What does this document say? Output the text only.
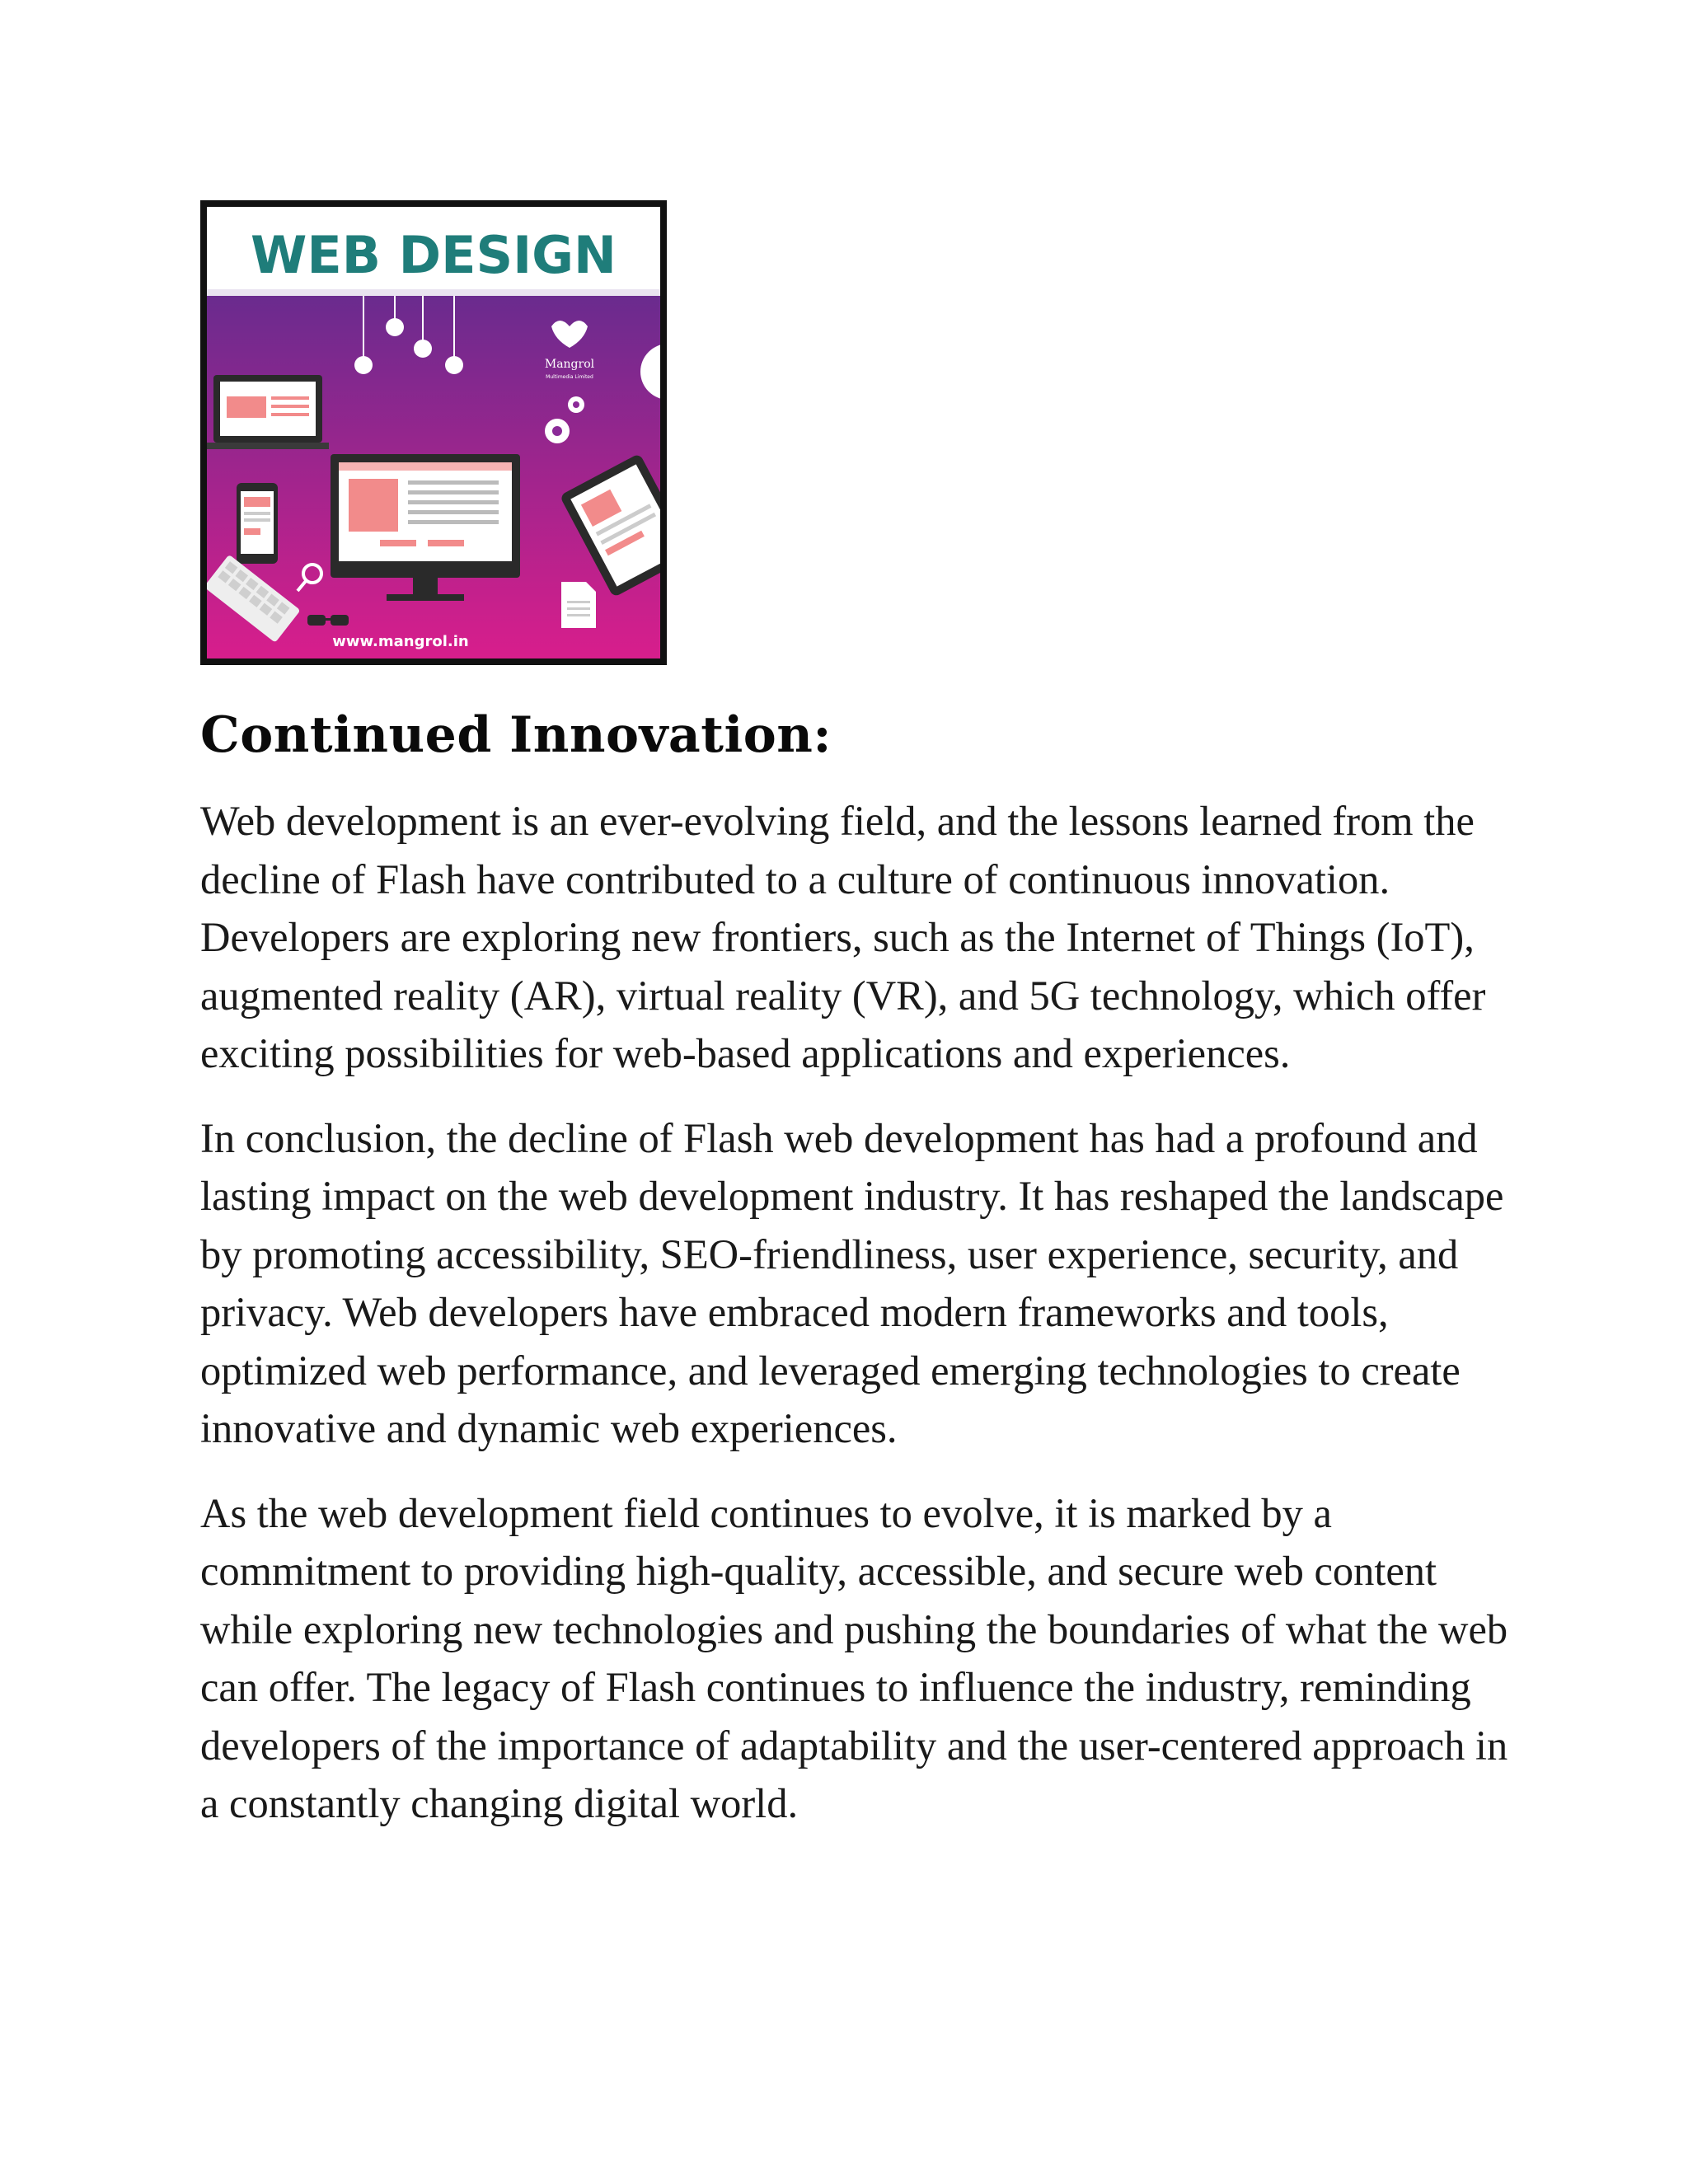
WEB DESIGN
Mangrol
Multimedia Limited
www.mangrol.in
Continued Innovation:

Web development is an ever-evolving field, and the lessons learned from the decline of Flash have contributed to a culture of continuous innovation. Developers are exploring new frontiers, such as the Internet of Things (IoT), augmented reality (AR), virtual reality (VR), and 5G technology, which offer exciting possibilities for web-based applications and experiences.

In conclusion, the decline of Flash web development has had a profound and lasting impact on the web development industry. It has reshaped the landscape by promoting accessibility, SEO-friendliness, user experience, security, and privacy. Web developers have embraced modern frameworks and tools, optimized web performance, and leveraged emerging technologies to create innovative and dynamic web experiences.

As the web development field continues to evolve, it is marked by a commitment to providing high-quality, accessible, and secure web content while exploring new technologies and pushing the boundaries of what the web can offer. The legacy of Flash continues to influence the industry, reminding developers of the importance of adaptability and the user-centered approach in a constantly changing digital world.
